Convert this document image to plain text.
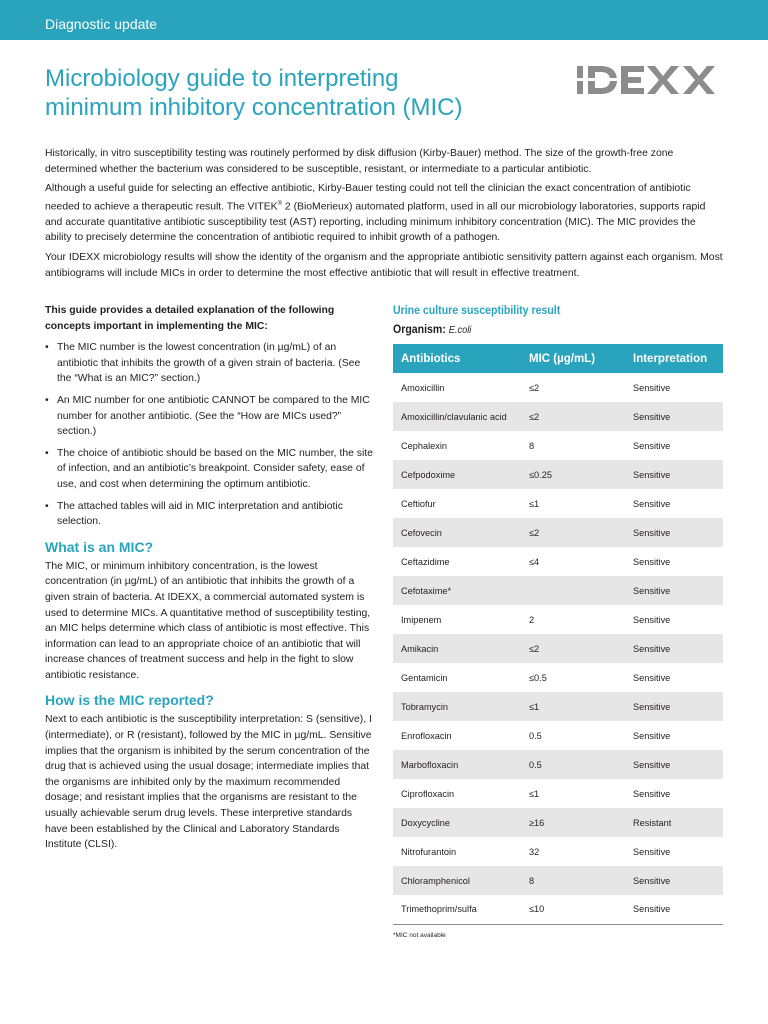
Diagnostic update
Microbiology guide to interpreting
minimum inhibitory concentration (MIC)

Historically, in vitro susceptibility testing was routinely performed by disk diffusion (Kirby-Bauer) method. The size of the growth-free zone determined whether the bacterium was considered to be susceptible, resistant, or intermediate to a particular antibiotic.

Although a useful guide for selecting an effective antibiotic, Kirby-Bauer testing could not tell the clinician the exact concentration of antibiotic needed to achieve a therapeutic result. The VITEK® 2 (BioMerieux) automated platform, used in all our microbiology laboratories, supports rapid and accurate quantitative antibiotic susceptibility test (AST) reporting, including minimum inhibitory concentration (MIC). The MIC provides the ability to precisely determine the concentration of antibiotic required to inhibit growth of a pathogen.

Your IDEXX microbiology results will show the identity of the organism and the appropriate antibiotic sensitivity pattern against each organism. Most antibiograms will include MICs in order to determine the most effective antibiotic that will result in effective treatment.

This guide provides a detailed explanation of the following concepts important in implementing the MIC:

• The MIC number is the lowest concentration (in µg/mL) of an antibiotic that inhibits the growth of a given strain of bacteria. (See the “What is an MIC?” section.)
• An MIC number for one antibiotic CANNOT be compared to the MIC number for another antibiotic. (See the “How are MICs used?” section.)
• The choice of antibiotic should be based on the MIC number, the site of infection, and an antibiotic’s breakpoint. Consider safety, ease of use, and cost when determining the optimum antibiotic.
• The attached tables will aid in MIC interpretation and antibiotic selection.
What is an MIC?

The MIC, or minimum inhibitory concentration, is the lowest concentration (in µg/mL) of an antibiotic that inhibits the growth of a given strain of bacteria. At IDEXX, a commercial automated system is used to determine MICs. A quantitative method of susceptibility testing, an MIC helps determine which class of antibiotic is most effective. This information can lead to an appropriate choice of an antibiotic that will increase chances of treatment success and help in the fight to slow antibiotic resistance.

How is the MIC reported?

Next to each antibiotic is the susceptibility interpretation: S (sensitive), I (intermediate), or R (resistant), followed by the MIC in µg/mL. Sensitive implies that the organism is inhibited by the serum concentration of the drug that is achieved using the usual dosage; intermediate implies that the organisms are inhibited only by the maximum recommended dosage; and resistant implies that the organisms are resistant to the usually achievable serum drug levels. These interpretive standards have been established by the Clinical and Laboratory Standards Institute (CLSI).

Urine culture susceptibility result
Organism: E.coli
Antibiotics	MIC (µg/mL)	Interpretation
Amoxicillin	≤2	Sensitive
Amoxicillin/clavulanic acid	≤2	Sensitive
Cephalexin	8	Sensitive
Cefpodoxime	≤0.25	Sensitive
Ceftiofur	≤1	Sensitive
Cefovecin	≤2	Sensitive
Ceftazidime	≤4	Sensitive
Cefotaxime*		Sensitive
Imipenem	2	Sensitive
Amikacin	≤2	Sensitive
Gentamicin	≤0.5	Sensitive
Tobramycin	≤1	Sensitive
Enrofloxacin	0.5	Sensitive
Marbofloxacin	0.5	Sensitive
Ciprofloxacin	≤1	Sensitive
Doxycycline	≥16	Resistant
Nitrofurantoin	32	Sensitive
Chloramphenicol	8	Sensitive
Trimethoprim/sulfa	≤10	Sensitive
*MIC not available
